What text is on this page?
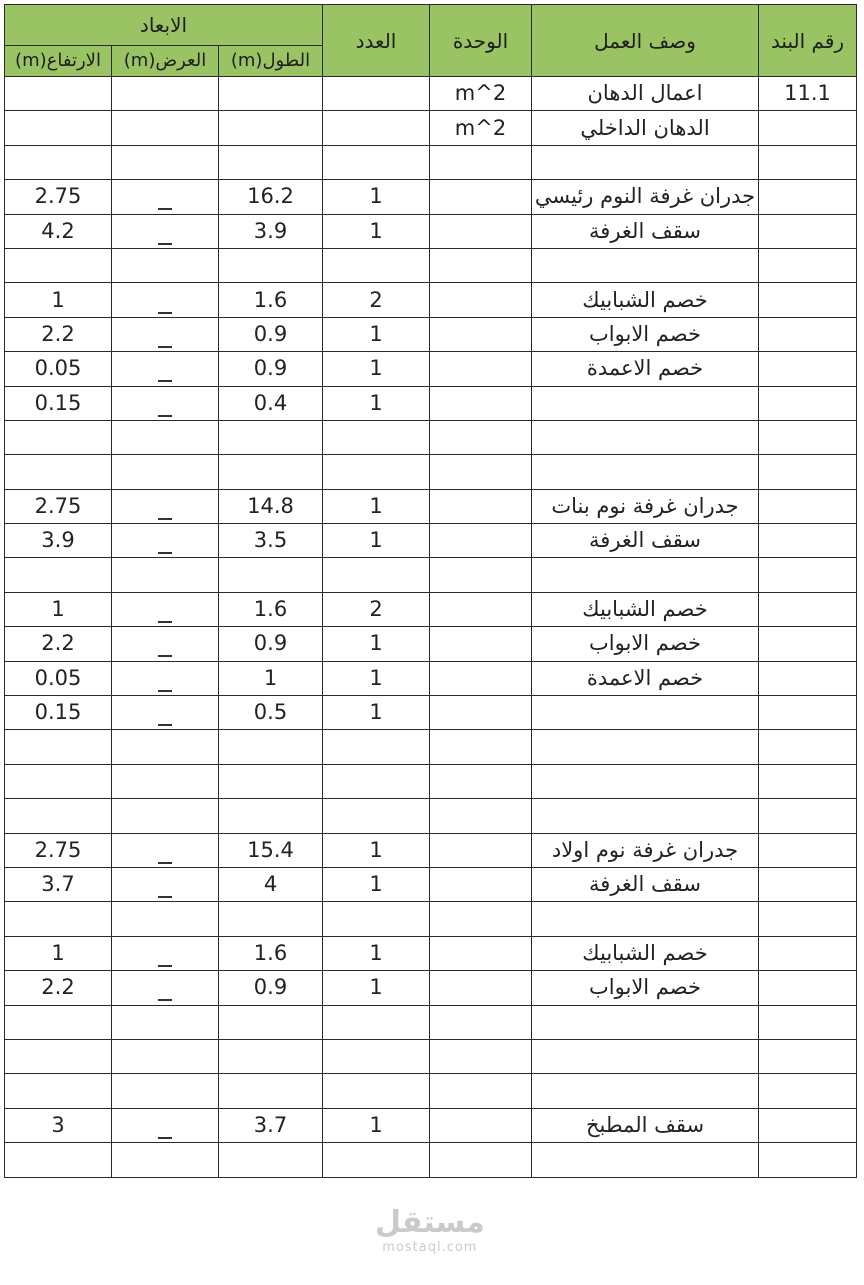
الابعاد			العدد	الوحدة	وصف العمل	رقم البند
(m)الارتفاع	(m)العرض	(m)الطول				
				m^2	اعمال الدهان	11.1
				m^2	الدهان الداخلي	

2.75		16.2	1		جدران غرفة النوم رئيسي	
4.2		3.9	1		سقف الغرفة	

1		1.6	2		خصم الشبابيك	
2.2		0.9	1		خصم الابواب	
0.05		0.9	1		خصم الاعمدة	
0.15		0.4	1			

2.75		14.8	1		جدران غرفة نوم بنات	
3.9		3.5	1		سقف الغرفة	

1		1.6	2		خصم الشبابيك	
2.2		0.9	1		خصم الابواب	
0.05		1	1		خصم الاعمدة	
0.15		0.5	1			

2.75		15.4	1		جدران غرفة نوم اولاد	
3.7		4	1		سقف الغرفة	

1		1.6	1		خصم الشبابيك	
2.2		0.9	1		خصم الابواب	

3		3.7	1		سقف المطبخ	

مستقل
mostaql.com
